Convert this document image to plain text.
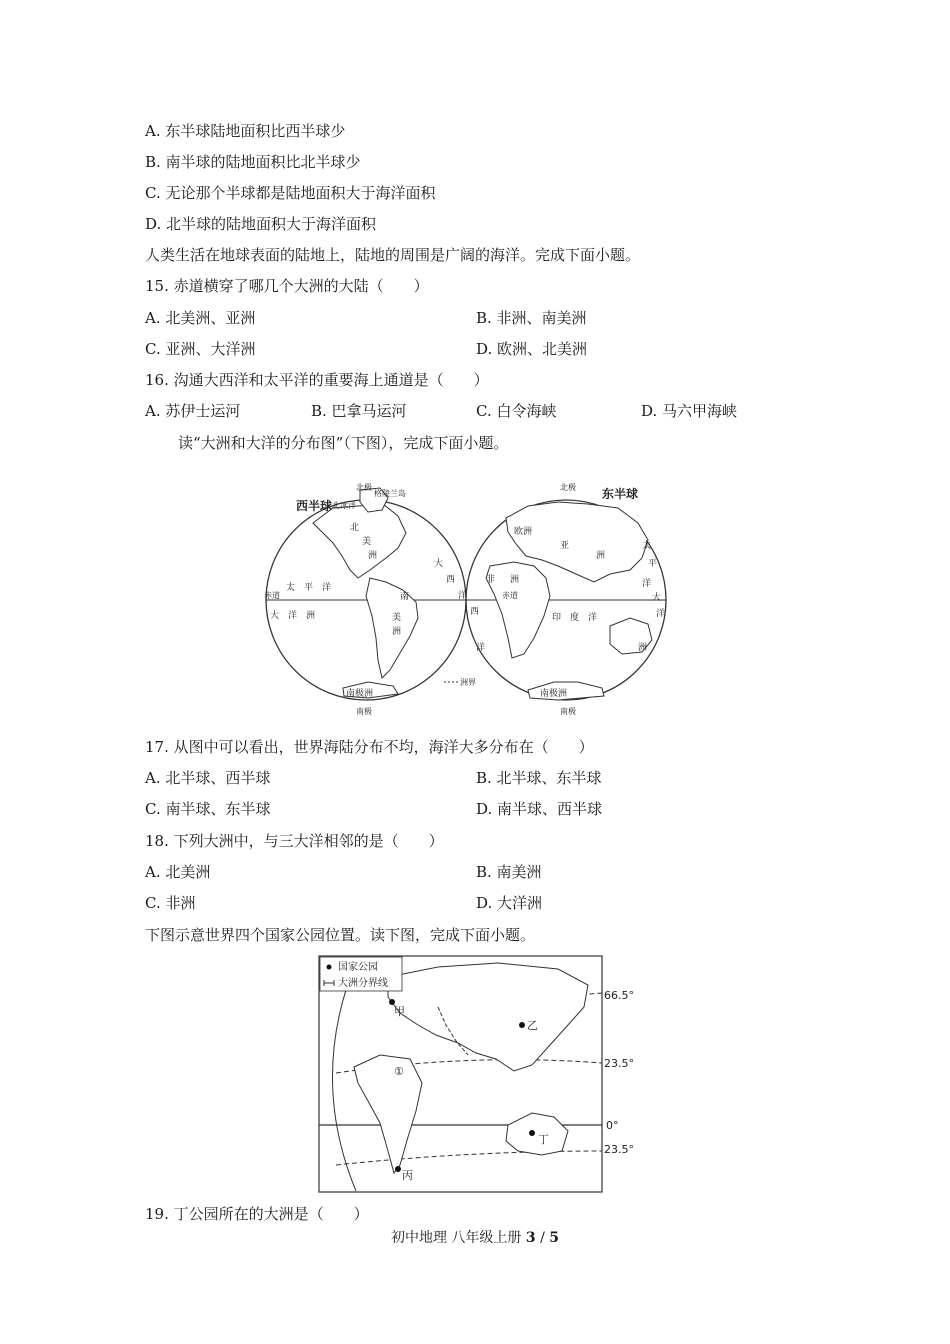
A. 东半球陆地面积比西半球少
B. 南半球的陆地面积比北半球少
C. 无论那个半球都是陆地面积大于海洋面积
D. 北半球的陆地面积大于海洋面积
人类生活在地球表面的陆地上，陆地的周围是广阔的海洋。完成下面小题。
15. 赤道横穿了哪几个大洲的大陆（　　）
A. 北美洲、亚洲	B. 非洲、南美洲
C. 亚洲、大洋洲	D. 欧洲、北美洲
16. 沟通大西洋和太平洋的重要海上通道是（　　）
A. 苏伊士运河	B. 巴拿马运河	C. 白令海峡	D. 马六甲海峡
读“大洲和大洋的分布图”（下图），完成下面小题。
西半球
北极
格陵兰岛
北冰洋
北
美
洲
太　平　洋
赤道
大　洋　洲
大
西
洋
南
美
洲
南极洲
南极
洲界
东半球
北极
欧洲
亚
洲
非 洲
赤道
西
洋
印　度　洋
太
平
洋
大
洋
洲
南极洲
南极
17. 从图中可以看出，世界海陆分布不均，海洋大多分布在（　　）
A. 北半球、西半球	B. 北半球、东半球
C. 南半球、东半球	D. 南半球、西半球
18. 下列大洲中，与三大洋相邻的是（　　）
A. 北美洲	B. 南美洲
C. 非洲	D. 大洋洲
下图示意世界四个国家公园位置。读下图，完成下面小题。
国家公园
大洲分界线
66.5°
23.5°
0°
23.5°
甲
乙
丙
丁
①
19. 丁公园所在的大洲是（　　）
初中地理 八年级上册 3 / 5
